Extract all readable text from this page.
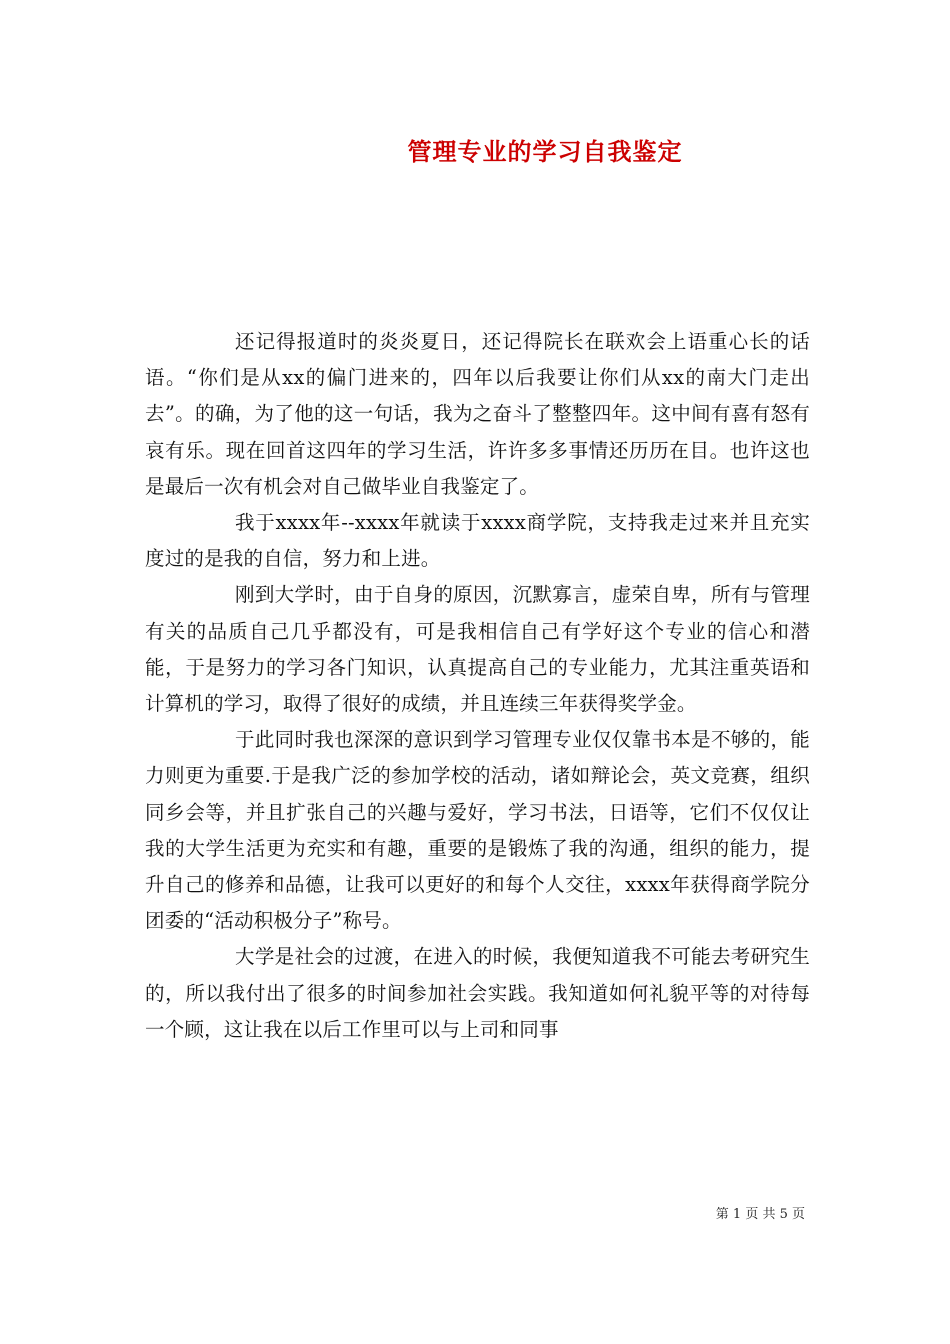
管理专业的学习自我鉴定

还记得报道时的炎炎夏日，还记得院长在联欢会上语重心长的话语。“你们是从xx的偏门进来的，四年以后我要让你们从xx的南大门走出去”。的确，为了他的这一句话，我为之奋斗了整整四年。这中间有喜有怒有哀有乐。现在回首这四年的学习生活，许许多多事情还历历在目。也许这也是最后一次有机会对自己做毕业自我鉴定了。

我于xxxx年--xxxx年就读于xxxx商学院，支持我走过来并且充实度过的是我的自信，努力和上进。

刚到大学时，由于自身的原因，沉默寡言，虚荣自卑，所有与管理有关的品质自己几乎都没有，可是我相信自己有学好这个专业的信心和潜能，于是努力的学习各门知识，认真提高自己的专业能力，尤其注重英语和计算机的学习，取得了很好的成绩，并且连续三年获得奖学金。

于此同时我也深深的意识到学习管理专业仅仅靠书本是不够的，能力则更为重要.于是我广泛的参加学校的活动，诸如辩论会，英文竞赛，组织同乡会等，并且扩张自己的兴趣与爱好，学习书法，日语等，它们不仅仅让我的大学生活更为充实和有趣，重要的是锻炼了我的沟通，组织的能力，提升自己的修养和品德，让我可以更好的和每个人交往，xxxx年获得商学院分团委的“活动积极分子”称号。

大学是社会的过渡，在进入的时候，我便知道我不可能去考研究生的，所以我付出了很多的时间参加社会实践。我知道如何礼貌平等的对待每一个顾，这让我在以后工作里可以与上司和同事

第 1 页 共 5 页
